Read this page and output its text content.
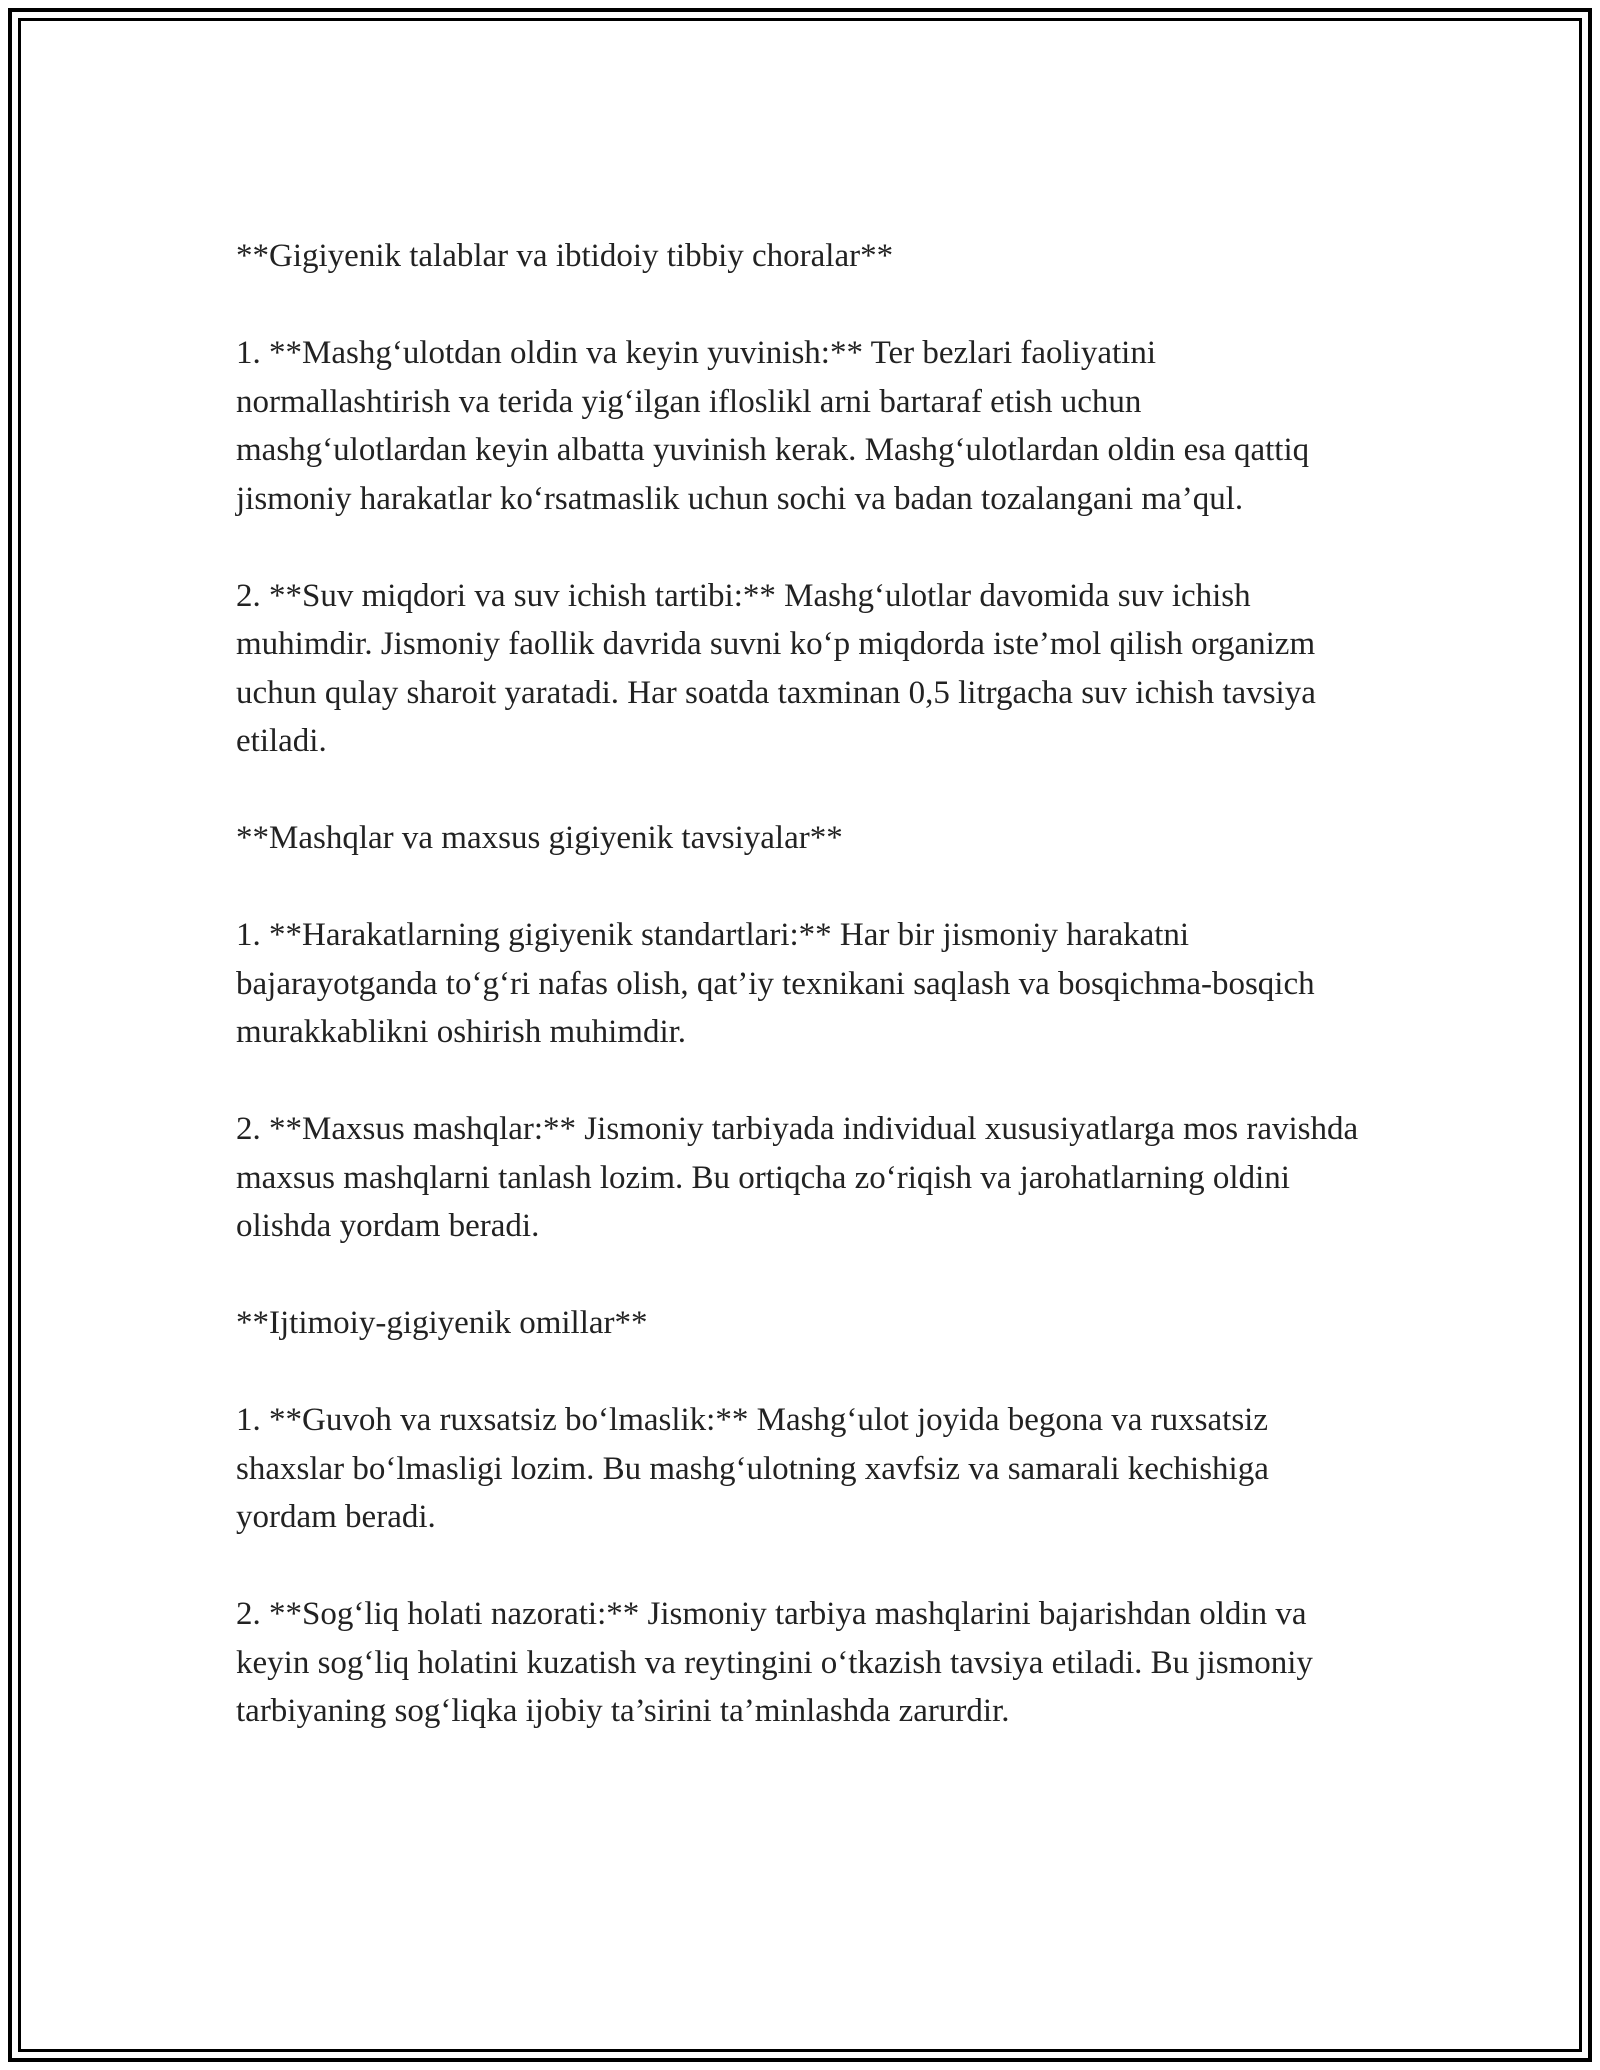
**Gigiyenik talablar va ibtidoiy tibbiy choralar**

1. **Mashg‘ulotdan oldin va keyin yuvinish:** Ter bezlari faoliyatini normallashtirish va terida yig‘ilgan ifloslikl arni bartaraf etish uchun mashg‘ulotlardan keyin albatta yuvinish kerak. Mashg‘ulotlardan oldin esa qattiq jismoniy harakatlar ko‘rsatmaslik uchun sochi va badan tozalangani ma’qul.

2. **Suv miqdori va suv ichish tartibi:** Mashg‘ulotlar davomida suv ichish muhimdir. Jismoniy faollik davrida suvni ko‘p miqdorda iste’mol qilish organizm uchun qulay sharoit yaratadi. Har soatda taxminan 0,5 litrgacha suv ichish tavsiya etiladi.

**Mashqlar va maxsus gigiyenik tavsiyalar**

1. **Harakatlarning gigiyenik standartlari:** Har bir jismoniy harakatni bajarayotganda to‘g‘ri nafas olish, qat’iy texnikani saqlash va bosqichma-bosqich murakkablikni oshirish muhimdir.

2. **Maxsus mashqlar:** Jismoniy tarbiyada individual xususiyatlarga mos ravishda maxsus mashqlarni tanlash lozim. Bu ortiqcha zo‘riqish va jarohatlarning oldini olishda yordam beradi.

**Ijtimoiy-gigiyenik omillar**

1. **Guvoh va ruxsatsiz bo‘lmaslik:** Mashg‘ulot joyida begona va ruxsatsiz shaxslar bo‘lmasligi lozim. Bu mashg‘ulotning xavfsiz va samarali kechishiga yordam beradi.

2. **Sog‘liq holati nazorati:** Jismoniy tarbiya mashqlarini bajarishdan oldin va keyin sog‘liq holatini kuzatish va reytingini o‘tkazish tavsiya etiladi. Bu jismoniy tarbiyaning sog‘liqka ijobiy ta’sirini ta’minlashda zarurdir.
